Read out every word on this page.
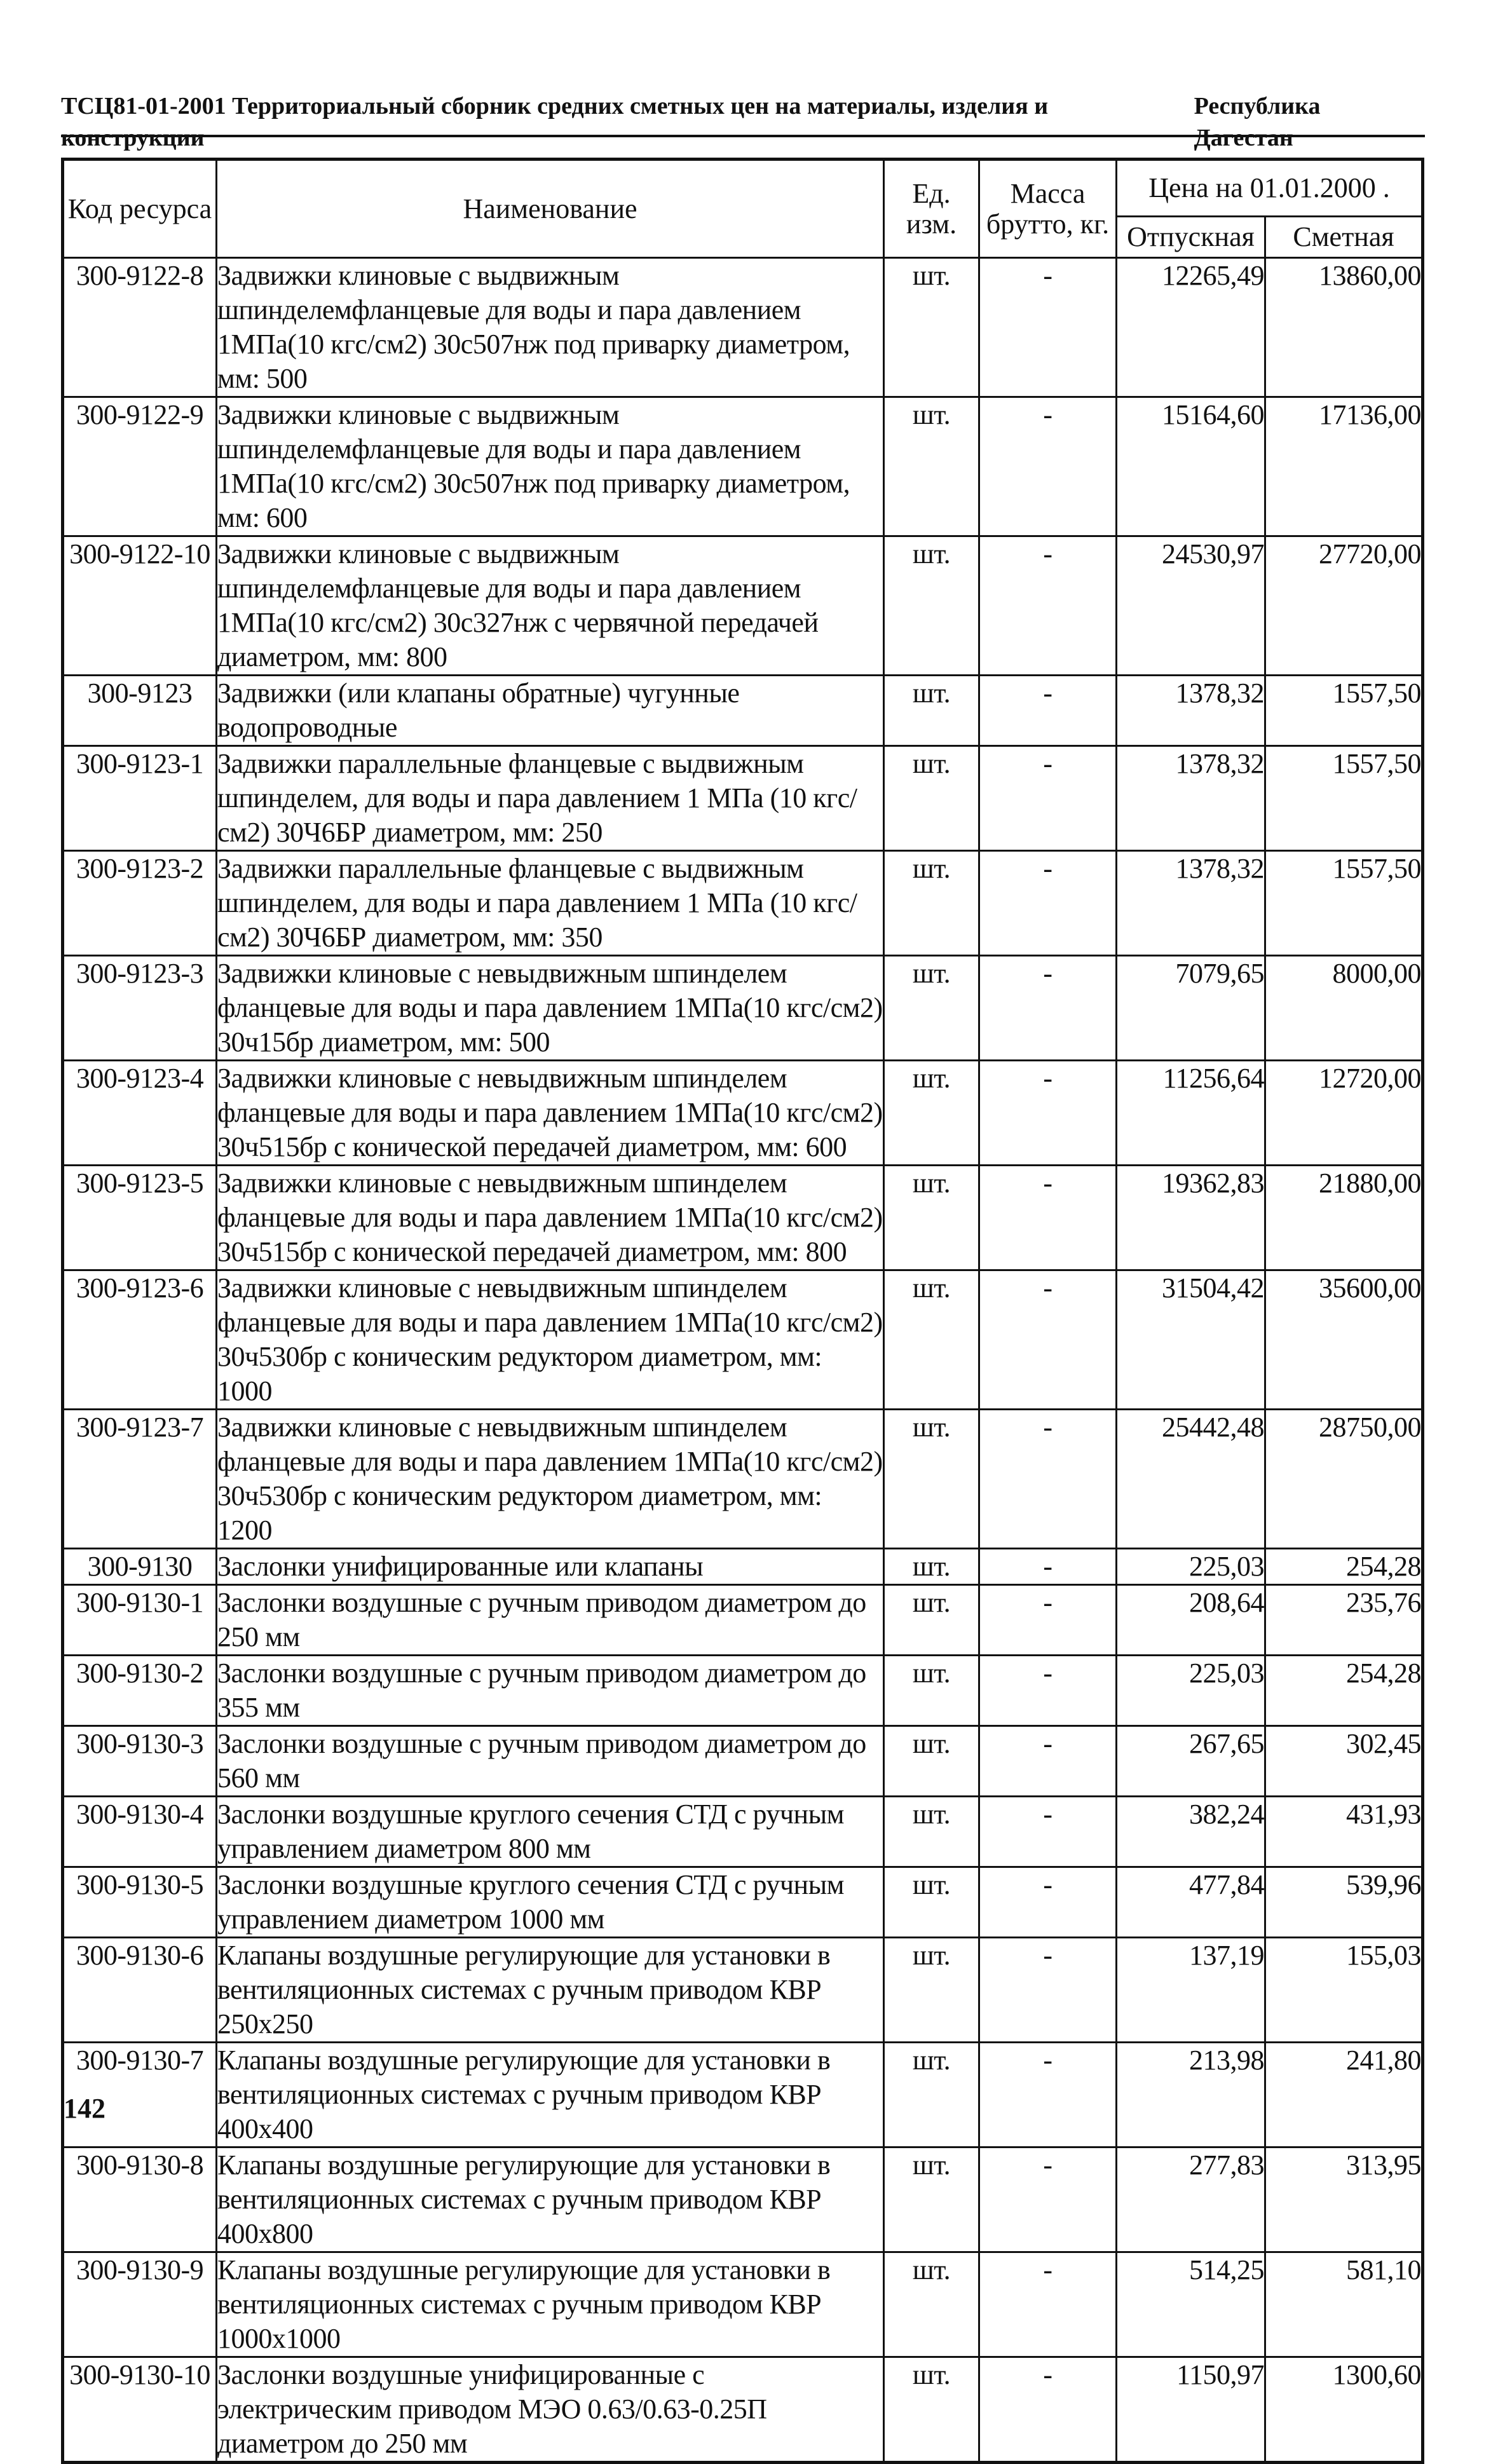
ТСЦ81-01-2001 Территориальный сборник средних сметных цен на материалы, изделия и конструкции
Республика Дагестан
Код ресурса	Наименование	Ед. изм.	Масса брутто, кг.	Цена на 01.01.2000 .	
				Отпускная	Сметная
300-9122-8	Задвижки клиновые с выдвижным шпинделемфланцевые для воды и пара давлением 1МПа(10 кгс/см2) 30с507нж под приварку диаметром, мм: 500	шт.	-	12265,49	13860,00
300-9122-9	Задвижки клиновые с выдвижным шпинделемфланцевые для воды и пара давлением 1МПа(10 кгс/см2) 30с507нж под приварку диаметром, мм: 600	шт.	-	15164,60	17136,00
300-9122-10	Задвижки клиновые с выдвижным шпинделемфланцевые для воды и пара давлением 1МПа(10 кгс/см2) 30с327нж с червячной передачей диаметром, мм: 800	шт.	-	24530,97	27720,00
300-9123	Задвижки (или клапаны обратные) чугунные водопроводные	шт.	-	1378,32	1557,50
300-9123-1	Задвижки параллельные фланцевые с выдвижным шпинделем, для воды и пара давлением 1 МПа (10 кгс/см2) 30Ч6БР диаметром, мм: 250	шт.	-	1378,32	1557,50
300-9123-2	Задвижки параллельные фланцевые с выдвижным шпинделем, для воды и пара давлением 1 МПа (10 кгс/см2) 30Ч6БР диаметром, мм: 350	шт.	-	1378,32	1557,50
300-9123-3	Задвижки клиновые с невыдвижным шпинделем фланцевые для воды и пара давлением 1МПа(10 кгс/см2) 30ч15бр диаметром, мм: 500	шт.	-	7079,65	8000,00
300-9123-4	Задвижки клиновые с невыдвижным шпинделем фланцевые для воды и пара давлением 1МПа(10 кгс/см2) 30ч515бр с конической передачей диаметром, мм: 600	шт.	-	11256,64	12720,00
300-9123-5	Задвижки клиновые с невыдвижным шпинделем фланцевые для воды и пара давлением 1МПа(10 кгс/см2) 30ч515бр с конической передачей диаметром, мм: 800	шт.	-	19362,83	21880,00
300-9123-6	Задвижки клиновые с невыдвижным шпинделем фланцевые для воды и пара давлением 1МПа(10 кгс/см2) 30ч530бр с коническим редуктором диаметром, мм: 1000	шт.	-	31504,42	35600,00
300-9123-7	Задвижки клиновые с невыдвижным шпинделем фланцевые для воды и пара давлением 1МПа(10 кгс/см2) 30ч530бр с коническим редуктором диаметром, мм: 1200	шт.	-	25442,48	28750,00
300-9130	Заслонки унифицированные или клапаны	шт.	-	225,03	254,28
300-9130-1	Заслонки воздушные с ручным приводом диаметром до 250 мм	шт.	-	208,64	235,76
300-9130-2	Заслонки воздушные с ручным приводом диаметром до 355 мм	шт.	-	225,03	254,28
300-9130-3	Заслонки воздушные с ручным приводом диаметром до 560 мм	шт.	-	267,65	302,45
300-9130-4	Заслонки воздушные круглого сечения СТД с ручным управлением диаметром 800 мм	шт.	-	382,24	431,93
300-9130-5	Заслонки воздушные круглого сечения СТД с ручным управлением диаметром 1000 мм	шт.	-	477,84	539,96
300-9130-6	Клапаны воздушные регулирующие для установки в вентиляционных системах с ручным приводом КВР 250х250	шт.	-	137,19	155,03
300-9130-7	Клапаны воздушные регулирующие для установки в вентиляционных системах с ручным приводом КВР 400х400	шт.	-	213,98	241,80
300-9130-8	Клапаны воздушные регулирующие для установки в вентиляционных системах с ручным приводом КВР 400х800	шт.	-	277,83	313,95
300-9130-9	Клапаны воздушные регулирующие для установки в вентиляционных системах с ручным приводом КВР 1000х1000	шт.	-	514,25	581,10
300-9130-10	Заслонки воздушные унифицированные с электрическим приводом МЭО 0.63/0.63-0.25П диаметром до 250 мм	шт.	-	1150,97	1300,60
142
